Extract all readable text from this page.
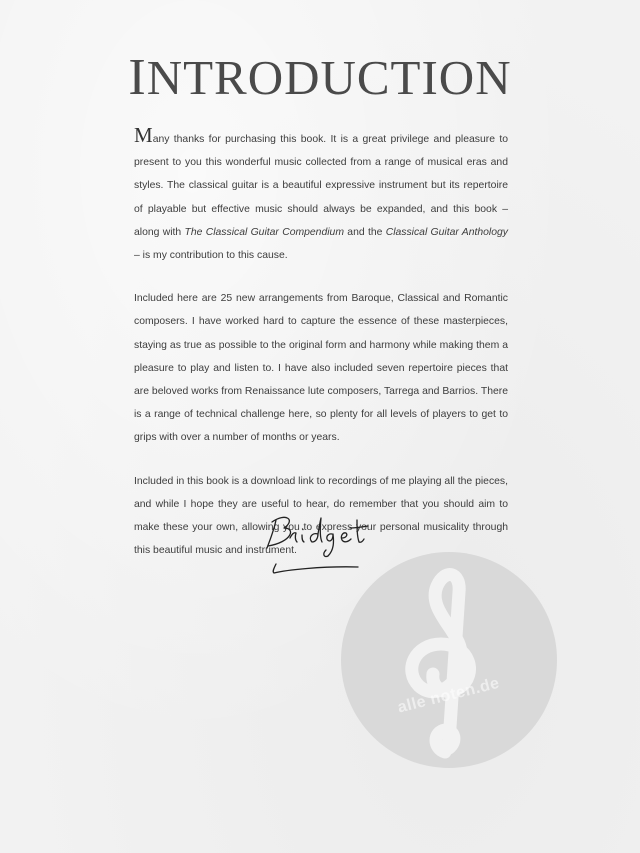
INTRODUCTION

Many thanks for purchasing this book. It is a great privilege and pleasure to present to you this wonderful music collected from a range of musical eras and styles. The classical guitar is a beautiful expressive instrument but its repertoire of playable but effective music should always be expanded, and this book – along with The Classical Guitar Compendium and the Classical Guitar Anthology – is my contribution to this cause.

Included here are 25 new arrangements from Baroque, Classical and Romantic composers. I have worked hard to capture the essence of these masterpieces, staying as true as possible to the original form and harmony while making them a pleasure to play and listen to. I have also included seven repertoire pieces that are beloved works from Renaissance lute composers, Tarrega and Barrios. There is a range of technical challenge here, so plenty for all levels of players to get to grips with over a number of months or years.

Included in this book is a download link to recordings of me playing all the pieces, and while I hope they are useful to hear, do remember that you should aim to make these your own, allowing you to express your personal musicality through this beautiful music and instrument.

alle noten.de
